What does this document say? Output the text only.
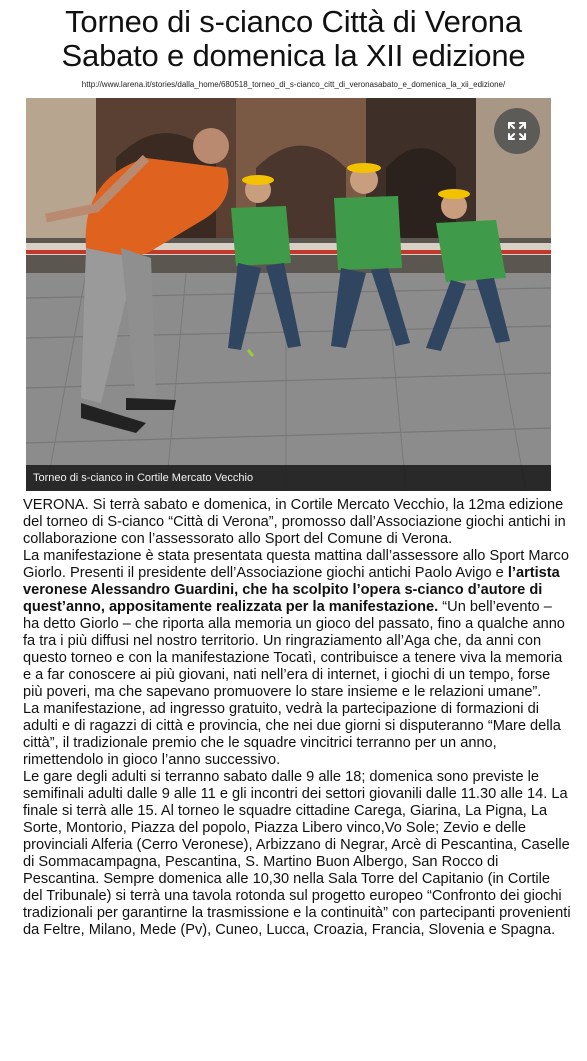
Torneo di s-cianco Città di Verona
Sabato e domenica la XII edizione
http://www.larena.it/stories/dalla_home/680518_torneo_di_s-cianco_citt_di_veronasabato_e_domenica_la_xii_edizione/
Torneo di s-cianco in Cortile Mercato Vecchio

VERONA. Si terrà sabato e domenica, in Cortile Mercato Vecchio, la 12ma edizione del torneo di S-cianco “Città di Verona”, promosso dall’Associazione giochi antichi in collaborazione con l’assessorato allo Sport del Comune di Verona.

La manifestazione è stata presentata questa mattina dall’assessore allo Sport Marco Giorlo. Presenti il presidente dell’Associazione giochi antichi Paolo Avigo e l’artista veronese Alessandro Guardini, che ha scolpito l’opera s-cianco d’autore di quest’anno, appositamente realizzata per la manifestazione. “Un bell’evento – ha detto Giorlo – che riporta alla memoria un gioco del passato, fino a qualche anno fa tra i più diffusi nel nostro territorio. Un ringraziamento all’Aga che, da anni con questo torneo e con la manifestazione Tocatì, contribuisce a tenere viva la memoria e a far conoscere ai più giovani, nati nell’era di internet, i giochi di un tempo, forse più poveri, ma che sapevano promuovere lo stare insieme e le relazioni umane”.

La manifestazione, ad ingresso gratuito, vedrà la partecipazione di formazioni di adulti e di ragazzi di città e provincia, che nei due giorni si disputeranno “Mare della città”, il tradizionale premio che le squadre vincitrici terranno per un anno, rimettendolo in gioco l’anno successivo.

Le gare degli adulti si terranno sabato dalle 9 alle 18; domenica sono previste le semifinali adulti dalle 9 alle 11 e gli incontri dei settori giovanili dalle 11.30 alle 14. La finale si terrà alle 15. Al torneo le squadre cittadine Carega, Giarina, La Pigna, La Sorte, Montorio, Piazza del popolo, Piazza Libero vinco,Vo Sole; Zevio e delle provinciali Alferia (Cerro Veronese), Arbizzano di Negrar, Arcè di Pescantina, Caselle di Sommacampagna, Pescantina, S. Martino Buon Albergo, San Rocco di Pescantina. Sempre domenica alle 10,30 nella Sala Torre del Capitanio (in Cortile del Tribunale) si terrà una tavola rotonda sul progetto europeo “Confronto dei giochi tradizionali per garantirne la trasmissione e la continuità” con partecipanti provenienti da Feltre, Milano, Mede (Pv), Cuneo, Lucca, Croazia, Francia, Slovenia e Spagna.
